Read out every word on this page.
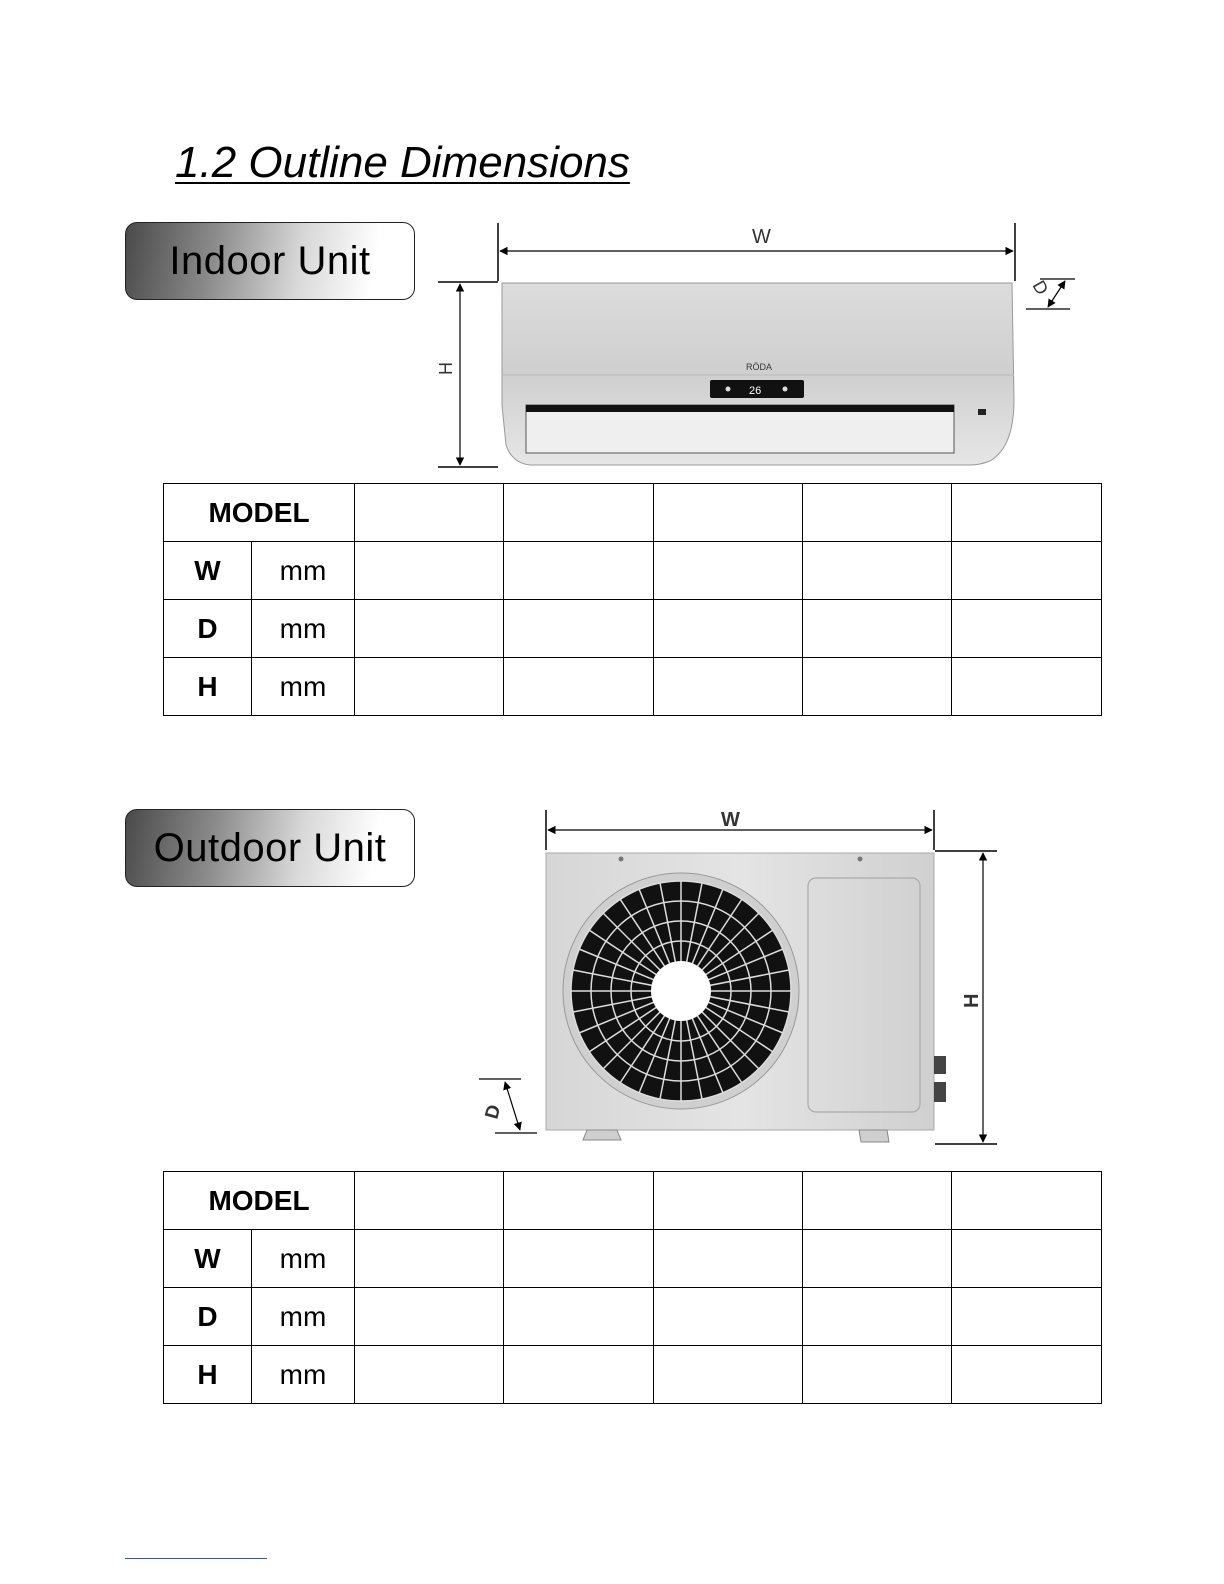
1.2 Outline Dimensions
Indoor Unit
W
H
D
26
RÖDA
MODEL						
W	mm					
D	mm					
H	mm					
Outdoor Unit
W
H
D
MODEL						
W	mm					
D	mm					
H	mm					
